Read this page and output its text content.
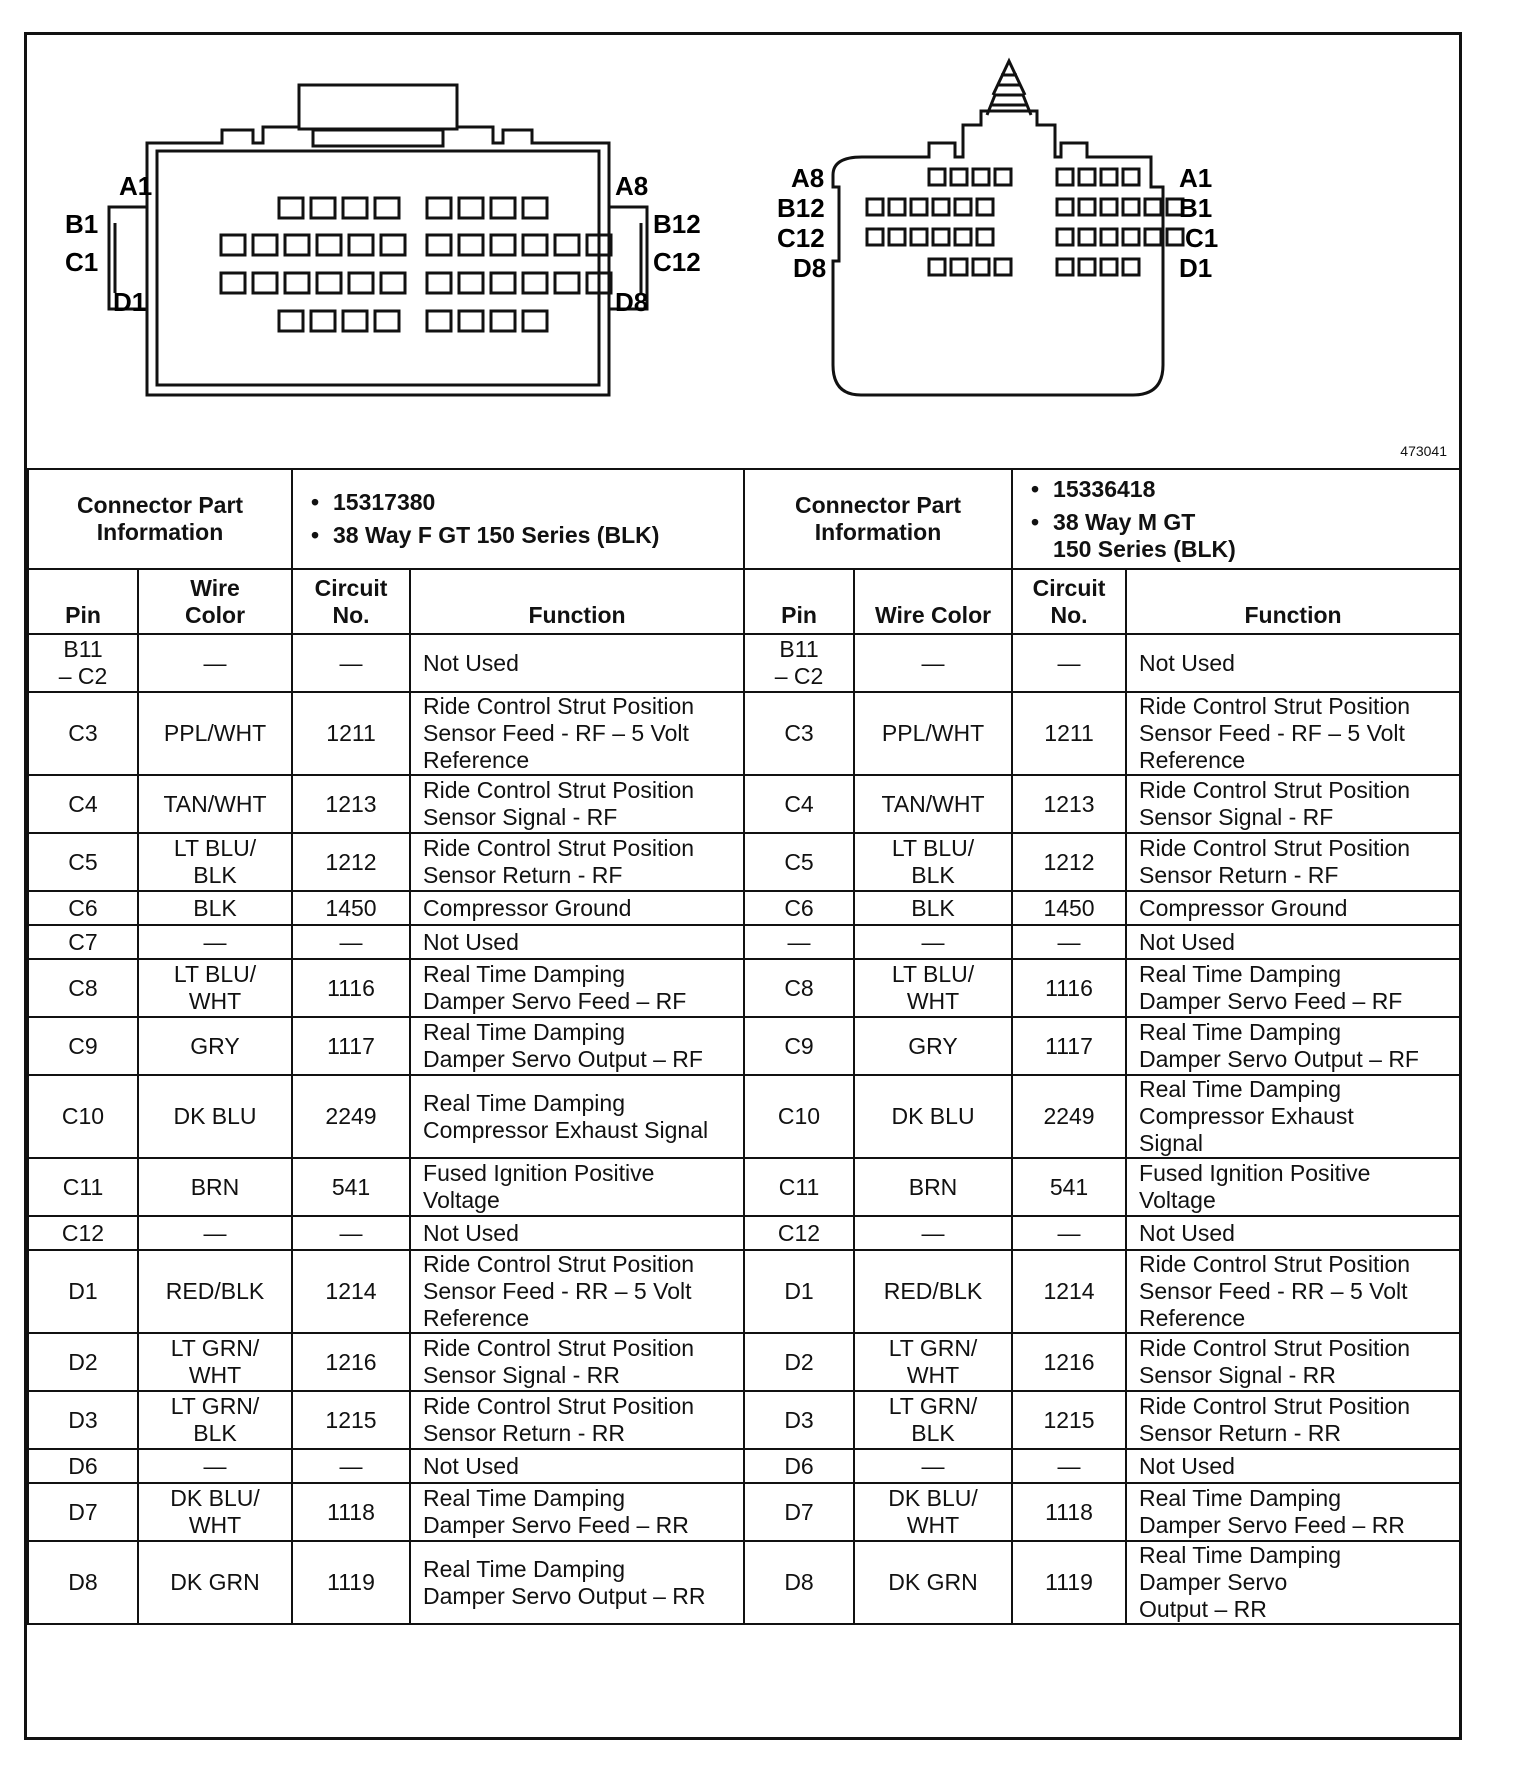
A1
B1
C1
D1
A8
B12
C12
D8
A8
B12
C12
D8
A1
B1
C1
D1
473041
Connector Part
Information		• 15317380
• 38 Way F GT 150 Series (BLK)		Connector Part
Information		• 15336418
• 38 Way M GT
150 Series (BLK)

Pin	Wire
Color	Circuit
No.	Function	Pin	Wire Color	Circuit
No.	Function

B11
– C2	—	—	Not Used	B11
– C2	—	—	Not Used

C3	PPL/WHT	1211	Ride Control Strut Position
Sensor Feed - RF – 5 Volt
Reference	C3	PPL/WHT	1211	Ride Control Strut Position
Sensor Feed - RF – 5 Volt
Reference

C4	TAN/WHT	1213	Ride Control Strut Position
Sensor Signal - RF	C4	TAN/WHT	1213	Ride Control Strut Position
Sensor Signal - RF

C5	LT BLU/
BLK	1212	Ride Control Strut Position
Sensor Return - RF	C5	LT BLU/
BLK	1212	Ride Control Strut Position
Sensor Return - RF

C6	BLK	1450	Compressor Ground	C6	BLK	1450	Compressor Ground

C7	—	—	Not Used	—	—	—	Not Used

C8	LT BLU/
WHT	1116	Real Time Damping
Damper Servo Feed – RF	C8	LT BLU/
WHT	1116	Real Time Damping
Damper Servo Feed – RF

C9	GRY	1117	Real Time Damping
Damper Servo Output – RF	C9	GRY	1117	Real Time Damping
Damper Servo Output – RF

C10	DK BLU	2249	Real Time Damping
Compressor Exhaust Signal	C10	DK BLU	2249	Real Time Damping
Compressor Exhaust
Signal

C11	BRN	541	Fused Ignition Positive
Voltage	C11	BRN	541	Fused Ignition Positive
Voltage

C12	—	—	Not Used	C12	—	—	Not Used

D1	RED/BLK	1214	Ride Control Strut Position
Sensor Feed - RR – 5 Volt
Reference	D1	RED/BLK	1214	Ride Control Strut Position
Sensor Feed - RR – 5 Volt
Reference

D2	LT GRN/
WHT	1216	Ride Control Strut Position
Sensor Signal - RR	D2	LT GRN/
WHT	1216	Ride Control Strut Position
Sensor Signal - RR

D3	LT GRN/
BLK	1215	Ride Control Strut Position
Sensor Return - RR	D3	LT GRN/
BLK	1215	Ride Control Strut Position
Sensor Return - RR

D6	—	—	Not Used	D6	—	—	Not Used

D7	DK BLU/
WHT	1118	Real Time Damping
Damper Servo Feed – RR	D7	DK BLU/
WHT	1118	Real Time Damping
Damper Servo Feed – RR

D8	DK GRN	1119	Real Time Damping
Damper Servo Output – RR	D8	DK GRN	1119	Real Time Damping
Damper Servo
Output – RR
